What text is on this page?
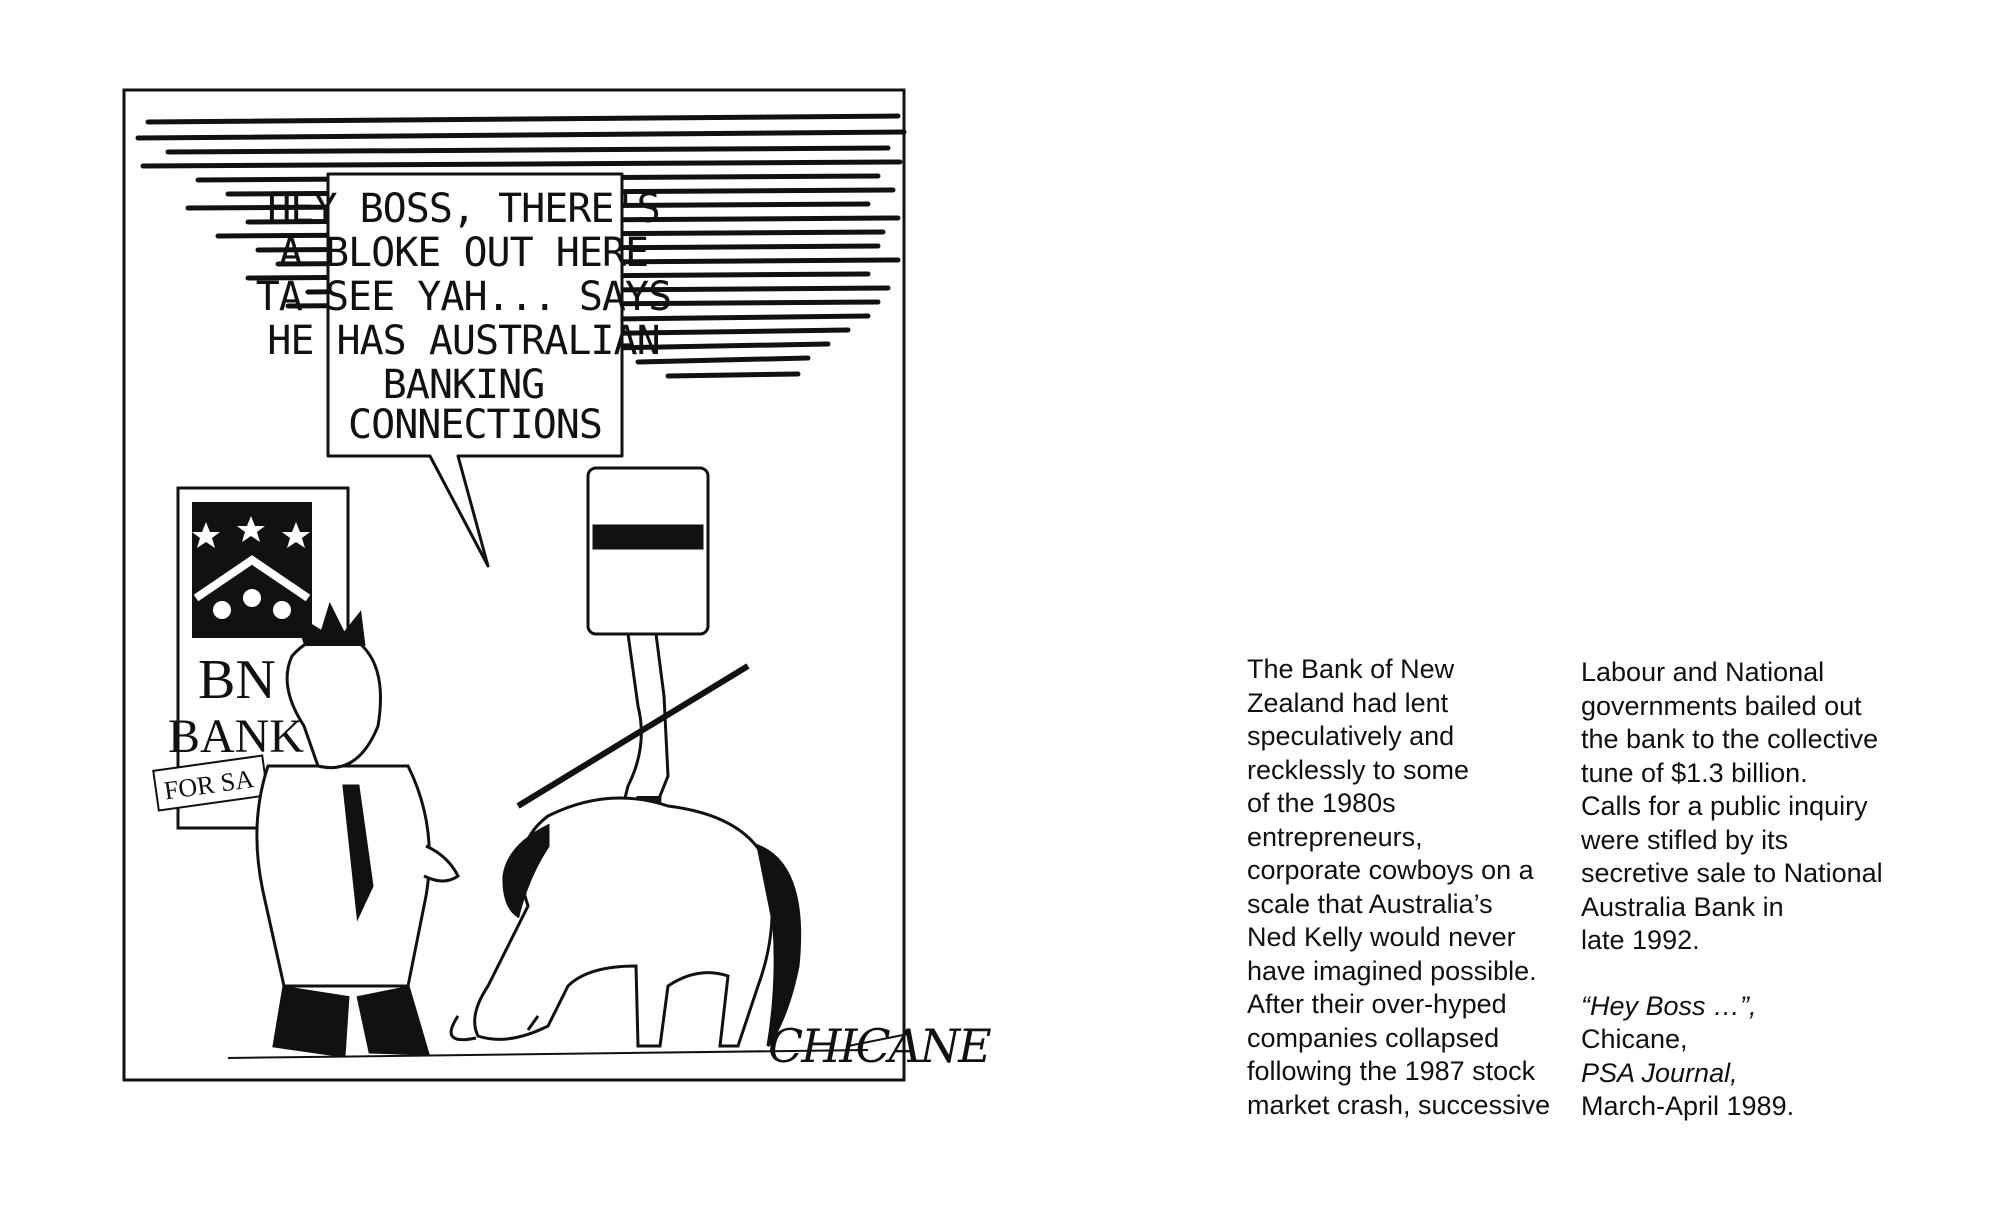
HEY BOSS, THERE'S A BLOKE OUT HERE TA SEE YAH... SAYS HE HAS AUSTRALIAN BANKING CONNECTIONS
BN
BANK
FOR SA
CHICANE

The Bank of New

Zealand had lent

speculatively and

recklessly to some

of the 1980s

entrepreneurs,

corporate cowboys on a

scale that Australia’s

Ned Kelly would never

have imagined possible.

After their over-hyped

companies collapsed

following the 1987 stock

market crash, successive

Labour and National

governments bailed out

the bank to the collective

tune of $1.3 billion.

Calls for a public inquiry

were stifled by its

secretive sale to National

Australia Bank in

late 1992.

“Hey Boss …”,

Chicane,

PSA Journal,

March-April 1989.
